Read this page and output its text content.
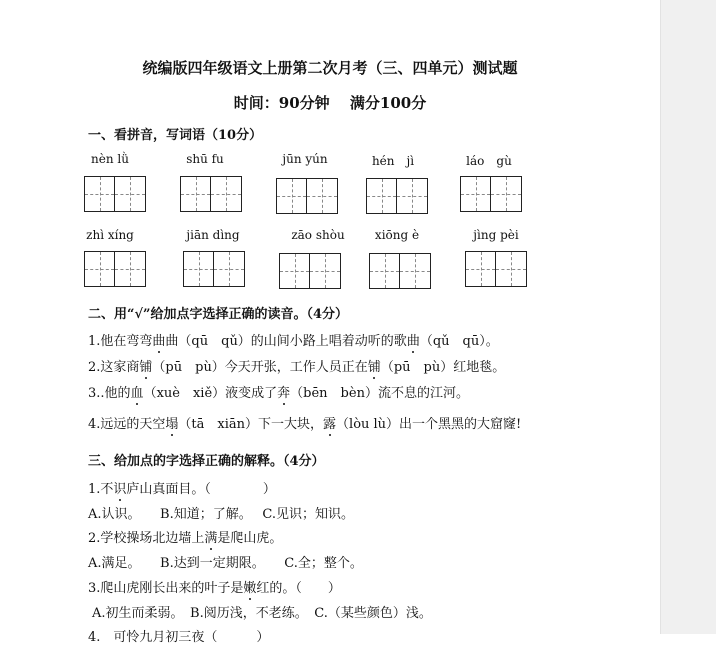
统编版四年级语文上册第二次月考（三、四单元）测试题
时间：90分钟　 满分100分
一、看拼音，写词语（10分）
nèn lǜ	shū fu	jūn yún	hén　jì	láo　gù
zhì xíng	jiān dìng	zāo shòu	xiōng è	jìng pèi
二、用“√”给加点字选择正确的读音。（4分）
1.他在弯弯曲曲（qū　qǔ）的山间小路上唱着动听的歌曲（qǔ　qū）。
2.这家商铺（pū　pù）今天开张，工作人员正在铺（pū　pù）红地毯。
3..他的血（xuè　xiě）液变成了奔（bēn　bèn）流不息的江河。
4.远远的天空塌（tā　xiān）下一大块，露（lòu lù）出一个黑黑的大窟窿!
三、给加点的字选择正确的解释。（4分）
1.不识庐山真面目。（　　　　）
A.认识。　　B.知道；了解。　 C.见识；知识。
2.学校操场北边墙上满是爬山虎。
A.满足。　　B.达到一定期限。　　C.全；整个。
3.爬山虎刚长出来的叶子是嫩红的。（　　）
A.初生而柔弱。　B.阅历浅，不老练。　C.（某些颜色）浅。
4.　可怜九月初三夜（　　　）
